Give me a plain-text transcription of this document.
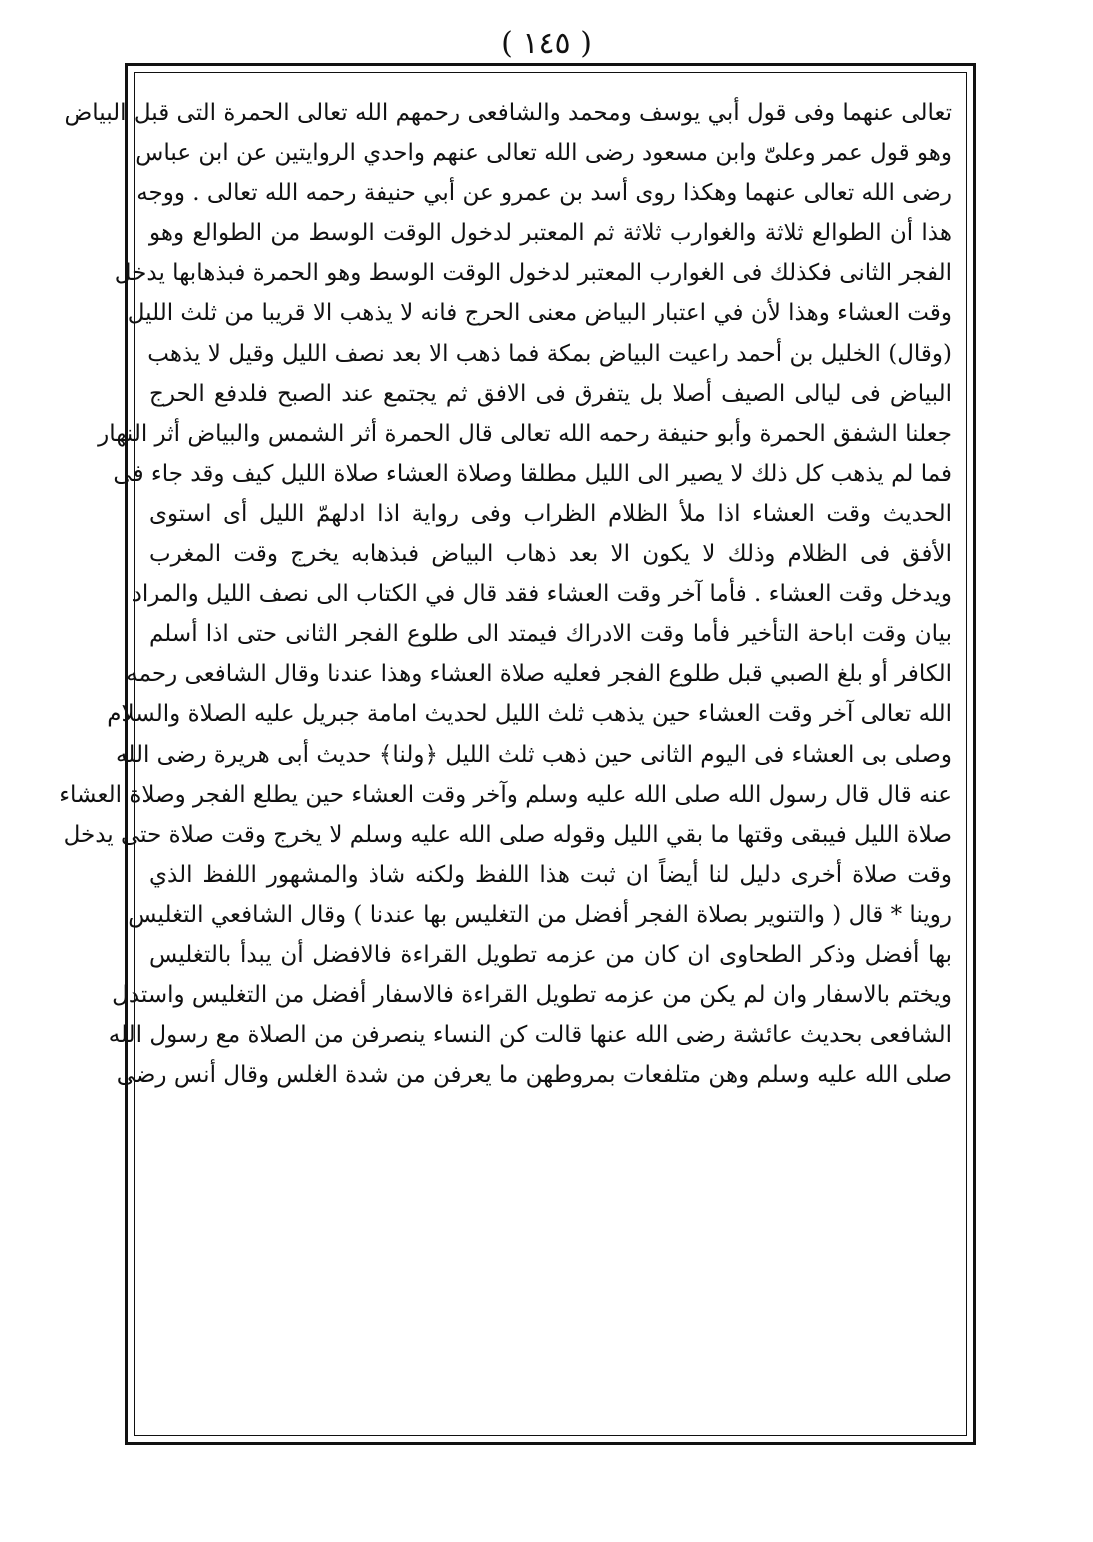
( ١٤٥ )
تعالى عنهما وفى قول أبي يوسف ومحمد والشافعى رحمهم الله تعالى الحمرة التى قبل البياض
وهو قول عمر وعلىّ وابن مسعود رضى الله تعالى عنهم واحدي الروايتين عن ابن عباس
رضى الله تعالى عنهما وهكذا روى أسد بن عمرو عن أبي حنيفة رحمه الله تعالى . ووجه
هذا أن الطوالع ثلاثة والغوارب ثلاثة ثم المعتبر لدخول الوقت الوسط من الطوالع وهو
الفجر الثانى فكذلك فى الغوارب المعتبر لدخول الوقت الوسط وهو الحمرة فبذهابها يدخل
وقت العشاء وهذا لأن في اعتبار البياض معنى الحرج فانه لا يذهب الا قريبا من ثلث الليل
(وقال) الخليل بن أحمد راعيت البياض بمكة فما ذهب الا بعد نصف الليل وقيل لا يذهب
البياض فى ليالى الصيف أصلا بل يتفرق فى الافق ثم يجتمع عند الصبح فلدفع الحرج
جعلنا الشفق الحمرة وأبو حنيفة رحمه الله تعالى قال الحمرة أثر الشمس والبياض أثر النهار
فما لم يذهب كل ذلك لا يصير الى الليل مطلقا وصلاة العشاء صلاة الليل كيف وقد جاء فى
الحديث وقت العشاء اذا ملأ الظلام الظراب وفى رواية اذا ادلهمّ الليل أى استوى
الأفق فى الظلام وذلك لا يكون الا بعد ذهاب البياض فبذهابه يخرج وقت المغرب
ويدخل وقت العشاء . فأما آخر وقت العشاء فقد قال في الكتاب الى نصف الليل والمراد
بيان وقت اباحة التأخير فأما وقت الادراك فيمتد الى طلوع الفجر الثانى حتى اذا أسلم
الكافر أو بلغ الصبي قبل طلوع الفجر فعليه صلاة العشاء وهذا عندنا وقال الشافعى رحمه
الله تعالى آخر وقت العشاء حين يذهب ثلث الليل لحديث امامة جبريل عليه الصلاة والسلام
وصلى بى العشاء فى اليوم الثانى حين ذهب ثلث الليل ﴿ولنا﴾ حديث أبى هريرة رضى الله
عنه قال قال رسول الله صلى الله عليه وسلم وآخر وقت العشاء حين يطلع الفجر وصلاة العشاء
صلاة الليل فيبقى وقتها ما بقي الليل وقوله صلى الله عليه وسلم لا يخرج وقت صلاة حتى يدخل
وقت صلاة أخرى دليل لنا أيضاً ان ثبت هذا اللفظ ولكنه شاذ والمشهور اللفظ الذي
روينا * قال ( والتنوير بصلاة الفجر أفضل من التغليس بها عندنا ) وقال الشافعي التغليس
بها أفضل وذكر الطحاوى ان كان من عزمه تطويل القراءة فالافضل أن يبدأ بالتغليس
ويختم بالاسفار وان لم يكن من عزمه تطويل القراءة فالاسفار أفضل من التغليس واستدل
الشافعى بحديث عائشة رضى الله عنها قالت كن النساء ينصرفن من الصلاة مع رسول الله
صلى الله عليه وسلم وهن متلفعات بمروطهن ما يعرفن من شدة الغلس وقال أنس رضى
